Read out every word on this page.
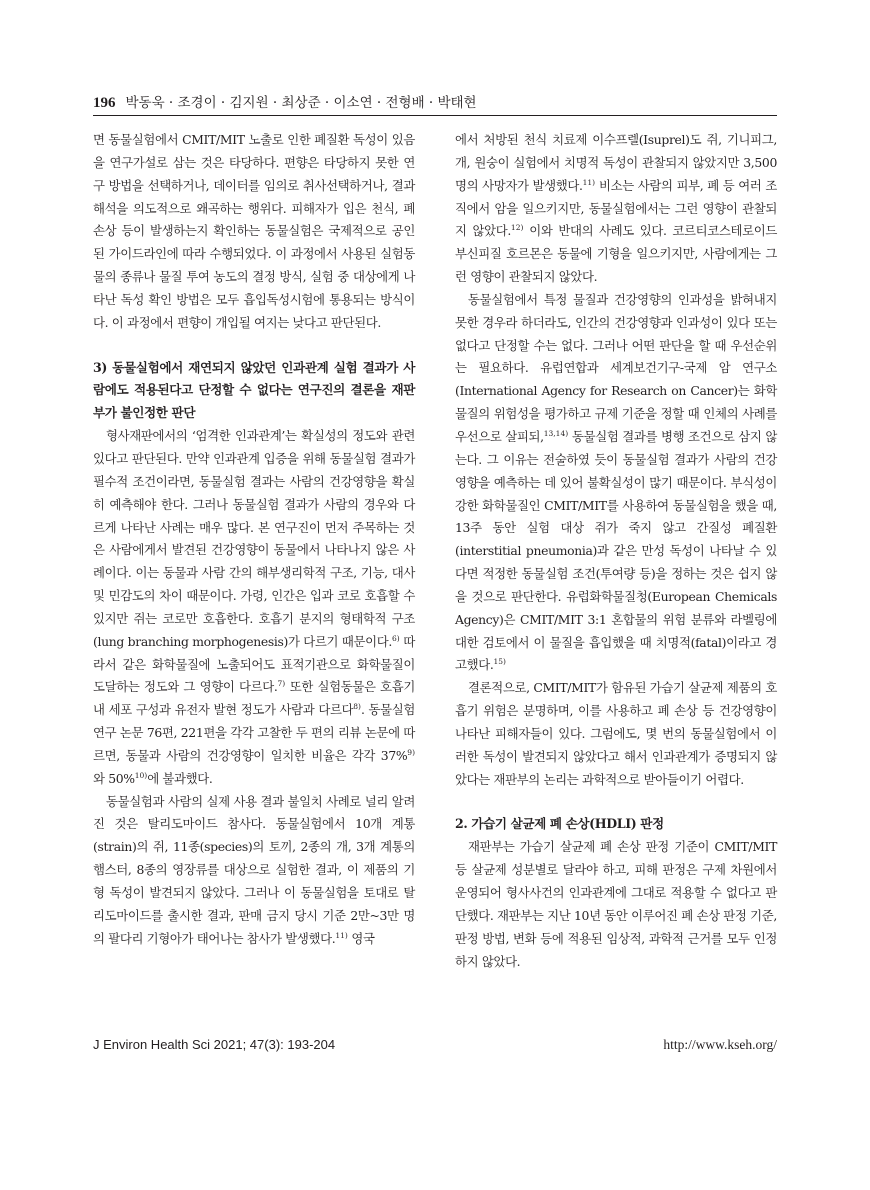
196 박동욱 · 조경이 · 김지원 · 최상준 · 이소연 · 전형배 · 박태현

면 동물실험에서 CMIT/MIT 노출로 인한 폐질환 독성이 있음을 연구가설로 삼는 것은 타당하다. 편향은 타당하지 못한 연구 방법을 선택하거나, 데이터를 임의로 취사선택하거나, 결과 해석을 의도적으로 왜곡하는 행위다. 피해자가 입은 천식, 폐 손상 등이 발생하는지 확인하는 동물실험은 국제적으로 공인된 가이드라인에 따라 수행되었다. 이 과정에서 사용된 실험동물의 종류나 물질 투여 농도의 결정 방식, 실험 중 대상에게 나타난 독성 확인 방법은 모두 흡입독성시험에 통용되는 방식이다. 이 과정에서 편향이 개입될 여지는 낮다고 판단된다.

3) 동물실험에서 재연되지 않았던 인과관계 실험 결과가 사람에도 적용된다고 단정할 수 없다는 연구진의 결론을 재판부가 불인정한 판단

형사재판에서의 ‘엄격한 인과관계’는 확실성의 정도와 관련 있다고 판단된다. 만약 인과관계 입증을 위해 동물실험 결과가 필수적 조건이라면, 동물실험 결과는 사람의 건강영향을 확실히 예측해야 한다. 그러나 동물실험 결과가 사람의 경우와 다르게 나타난 사례는 매우 많다. 본 연구진이 먼저 주목하는 것은 사람에게서 발견된 건강영향이 동물에서 나타나지 않은 사례이다. 이는 동물과 사람 간의 해부생리학적 구조, 기능, 대사 및 민감도의 차이 때문이다. 가령, 인간은 입과 코로 호흡할 수 있지만 쥐는 코로만 호흡한다. 호흡기 분지의 형태학적 구조(lung branching morphogenesis)가 다르기 때문이다.$^{6)}$ 따라서 같은 화학물질에 노출되어도 표적기관으로 화학물질이 도달하는 정도와 그 영향이 다르다.$^{7)}$ 또한 실험동물은 호흡기 내 세포 구성과 유전자 발현 정도가 사람과 다르다$^{8)}$. 동물실험 연구 논문 76편, 221편을 각각 고찰한 두 편의 리뷰 논문에 따르면, 동물과 사람의 건강영향이 일치한 비율은 각각 37%$^{9)}$ 와 50%$^{10)}$에 불과했다.

동물실험과 사람의 실제 사용 결과 불일치 사례로 널리 알려진 것은 탈리도마이드 참사다. 동물실험에서 10개 계통(strain)의 쥐, 11종(species)의 토끼, 2종의 개, 3개 계통의 햄스터, 8종의 영장류를 대상으로 실험한 결과, 이 제품의 기형 독성이 발견되지 않았다. 그러나 이 동물실험을 토대로 탈리도마이드를 출시한 결과, 판매 금지 당시 기준 2만~3만 명의 팔다리 기형아가 태어나는 참사가 발생했다.$^{11)}$ 영국

에서 처방된 천식 치료제 이수프렐(Isuprel)도 쥐, 기니피그, 개, 원숭이 실험에서 치명적 독성이 관찰되지 않았지만 3,500명의 사망자가 발생했다.$^{11)}$ 비소는 사람의 피부, 폐 등 여러 조직에서 암을 일으키지만, 동물실험에서는 그런 영향이 관찰되지 않았다.$^{12)}$ 이와 반대의 사례도 있다. 코르티코스테로이드 부신피질 호르몬은 동물에 기형을 일으키지만, 사람에게는 그런 영향이 관찰되지 않았다.

동물실험에서 특정 물질과 건강영향의 인과성을 밝혀내지 못한 경우라 하더라도, 인간의 건강영향과 인과성이 있다 또는 없다고 단정할 수는 없다. 그러나 어떤 판단을 할 때 우선순위는 필요하다. 유럽연합과 세계보건기구-국제 암 연구소(International Agency for Research on Cancer)는 화학물질의 위험성을 평가하고 규제 기준을 정할 때 인체의 사례를 우선으로 살피되,$^{13,14)}$ 동물실험 결과를 병행 조건으로 삼지 않는다. 그 이유는 전술하였 듯이 동물실험 결과가 사람의 건강영향을 예측하는 데 있어 불확실성이 많기 때문이다. 부식성이 강한 화학물질인 CMIT/MIT를 사용하여 동물실험을 했을 때, 13주 동안 실험 대상 쥐가 죽지 않고 간질성 폐질환(interstitial pneumonia)과 같은 만성 독성이 나타날 수 있다면 적정한 동물실험 조건(투여량 등)을 정하는 것은 쉽지 않을 것으로 판단한다. 유럽화학물질청(European Chemicals Agency)은 CMIT/MIT 3:1 혼합물의 위험 분류와 라벨링에 대한 검토에서 이 물질을 흡입했을 때 치명적(fatal)이라고 경고했다.$^{15)}$

결론적으로, CMIT/MIT가 함유된 가습기 살균제 제품의 호흡기 위험은 분명하며, 이를 사용하고 폐 손상 등 건강영향이 나타난 피해자들이 있다. 그럼에도, 몇 번의 동물실험에서 이러한 독성이 발견되지 않았다고 해서 인과관계가 증명되지 않았다는 재판부의 논리는 과학적으로 받아들이기 어렵다.

2. 가습기 살균제 폐 손상(HDLI) 판정

재판부는 가습기 살균제 폐 손상 판정 기준이 CMIT/MIT 등 살균제 성분별로 달라야 하고, 피해 판정은 구제 차원에서 운영되어 형사사건의 인과관계에 그대로 적용할 수 없다고 판단했다. 재판부는 지난 10년 동안 이루어진 폐 손상 판정 기준, 판정 방법, 변화 등에 적용된 임상적, 과학적 근거를 모두 인정하지 않았다.

J Environ Health Sci 2021; 47(3): 193-204	http://www.kseh.org/
